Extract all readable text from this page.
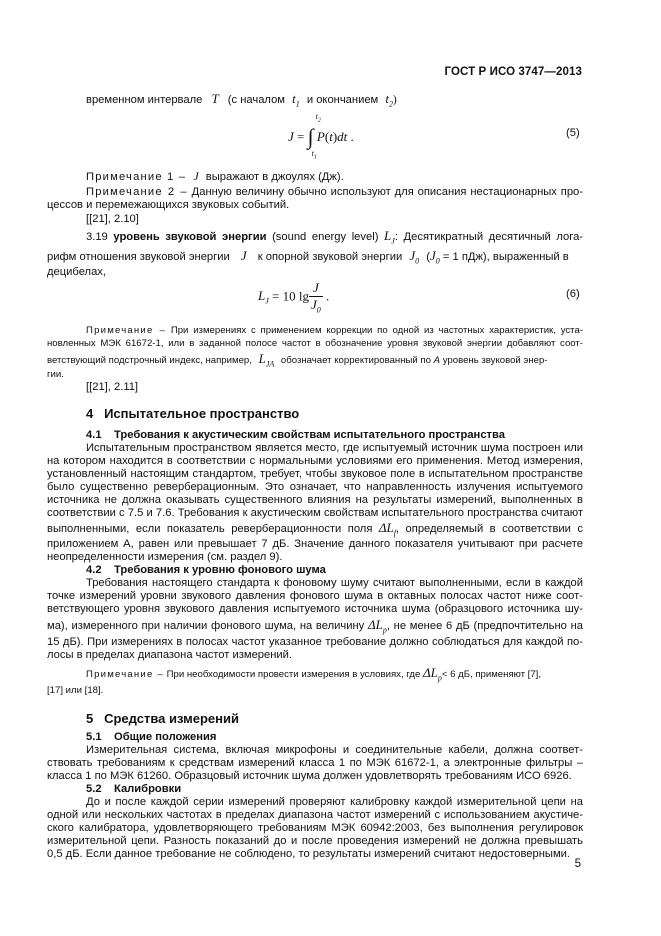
ГОСТ Р ИСО 3747—2013
временном интервале T (с началом $t_1$ и окончанием $t_2$)
J = ∫
$t_2$
$t_1$
P(t)dt .	(5)
Примечание 1 – J выражают в джоулях (Дж).
Примечание 2 – Данную величину обычно используют для описания нестационарных про-
цессов и перемежающихся звуковых событий.
[[21], 2.10]
3.19 уровень звуковой энергии (sound energy level) $L_J$: Десятикратный десятичный лога-
рифм отношения звуковой энергии J к опорной звуковой энергии $J_0$ ($J_0 = 1$ пДж), выраженный в
децибелах,
$L_J = 10$ $\lg \frac{J}{J_0}$ .	(6)
Примечание – При измерениях с применением коррекции по одной из частотных характеристик, уста-
новленных МЭК 61672-1, или в заданной полосе частот в обозначение уровня звуковой энергии добавляют соот-
ветствующий подстрочный индекс, например, $L_{JA}$ обозначает корректированный по A уровень звуковой энер-
гии.
[[21], 2.11]
4 Испытательное пространство
4.1 Требования к акустическим свойствам испытательного пространства
Испытательным пространством является место, где испытуемый источник шума построен или
на котором находится в соответствии с нормальными условиями его применения. Метод измерения,
установленный настоящим стандартом, требует, чтобы звуковое поле в испытательном пространстве
было существенно реверберационным. Это означает, что направленность излучения испытуемого
источника не должна оказывать существенного влияния на результаты измерений, выполненных в
соответствии с 7.5 и 7.6. Требования к акустическим свойствам испытательного пространства считают
выполненными, если показатель реверберационности поля $\Delta L_f$, определяемый в соответствии с
приложением А, равен или превышает 7 дБ. Значение данного показателя учитывают при расчете
неопределенности измерения (см. раздел 9).
4.2 Требования к уровню фонового шума
Требования настоящего стандарта к фоновому шуму считают выполненными, если в каждой
точке измерений уровни звукового давления фонового шума в октавных полосах частот ниже соот-
ветствующего уровня звукового давления испытуемого источника шума (образцового источника шу-
ма), измеренного при наличии фонового шума, на величину $\Delta L_p$, не менее 6 дБ (предпочтительно на
15 дБ). При измерениях в полосах частот указанное требование должно соблюдаться для каждой по-
лосы в пределах диапазона частот измерений.
Примечание – При необходимости провести измерения в условиях, где $\Delta L_p< 6$ дБ, применяют [7],
[17] или [18].
5 Средства измерений
5.1 Общие положения
Измерительная система, включая микрофоны и соединительные кабели, должна соответ-
ствовать требованиям к средствам измерений класса 1 по МЭК 61672-1, а электронные фильтры –
класса 1 по МЭК 61260. Образцовый источник шума должен удовлетворять требованиям ИСО 6926.
5.2 Калибровки
До и после каждой серии измерений проверяют калибровку каждой измерительной цепи на
одной или нескольких частотах в пределах диапазона частот измерений с использованием акустиче-
ского калибратора, удовлетворяющего требованиям МЭК 60942:2003, без выполнения регулировок
измерительной цепи. Разность показаний до и после проведения измерений не должна превышать
0,5 дБ. Если данное требование не соблюдено, то результаты измерений считают недостоверными.
5
